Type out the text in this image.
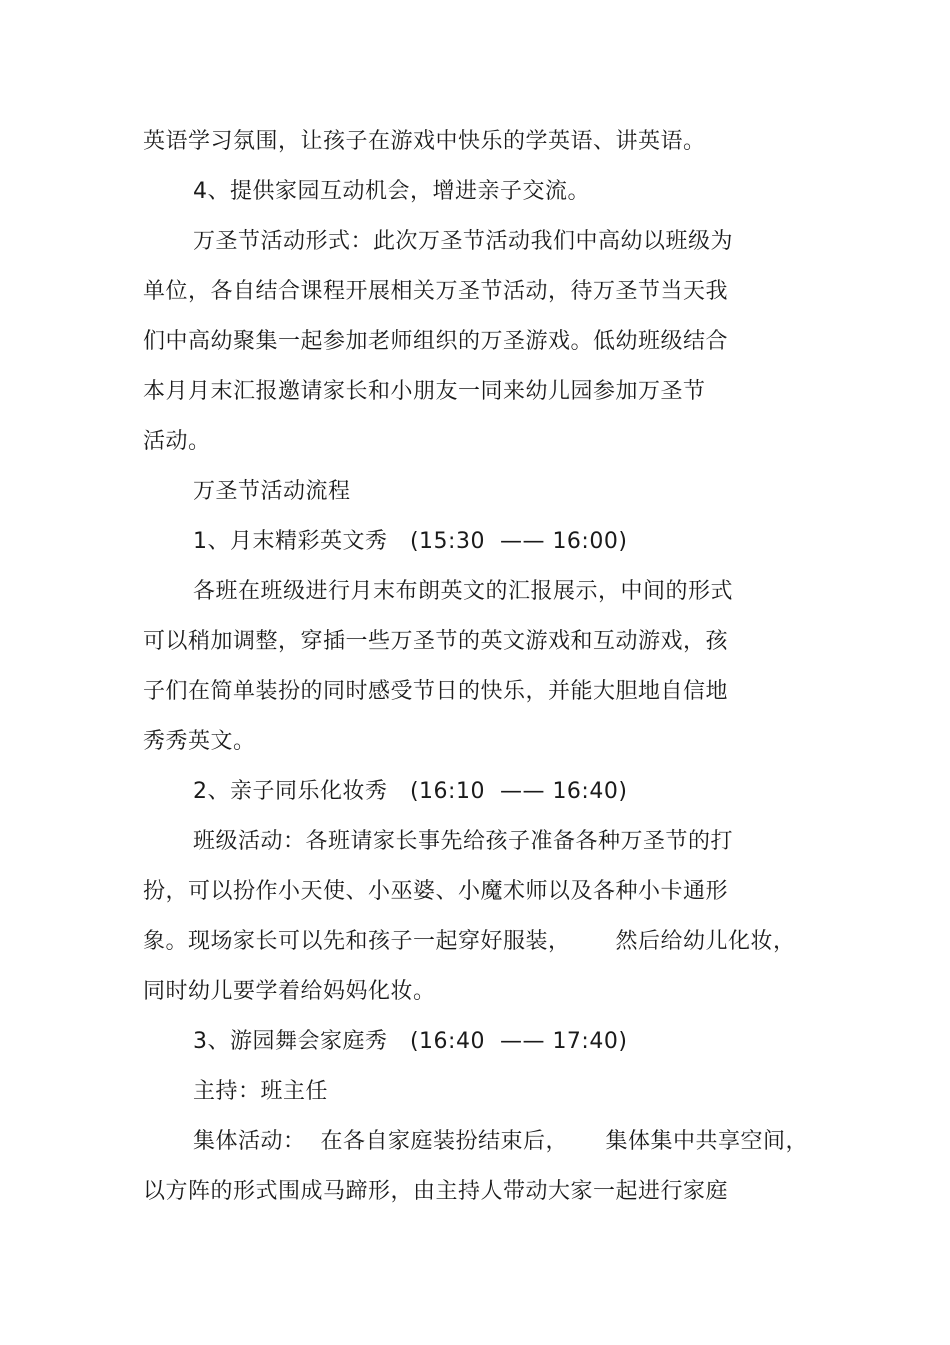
英语学习氛围，让孩子在游戏中快乐的学英语、讲英语。
4、提供家园互动机会，增进亲子交流。
万圣节活动形式：此次万圣节活动我们中高幼以班级为
单位，各自结合课程开展相关万圣节活动，待万圣节当天我
们中高幼聚集一起参加老师组织的万圣游戏。低幼班级结合
本月月末汇报邀请家长和小朋友一同来幼儿园参加万圣节
活动。
万圣节活动流程
1、月末精彩英文秀   (15:30  —— 16:00)
各班在班级进行月末布朗英文的汇报展示，中间的形式
可以稍加调整，穿插一些万圣节的英文游戏和互动游戏，孩
子们在简单装扮的同时感受节日的快乐，并能大胆地自信地
秀秀英文。
2、亲子同乐化妆秀   (16:10  —— 16:40)
班级活动：各班请家长事先给孩子准备各种万圣节的打
扮，可以扮作小天使、小巫婆、小魔术师以及各种小卡通形
象。现场家长可以先和孩子一起穿好服装，      然后给幼儿化妆，
同时幼儿要学着给妈妈化妆。
3、游园舞会家庭秀   (16:40  —— 17:40)
主持：班主任
集体活动：  在各自家庭装扮结束后，     集体集中共享空间，
以方阵的形式围成马蹄形，由主持人带动大家一起进行家庭
